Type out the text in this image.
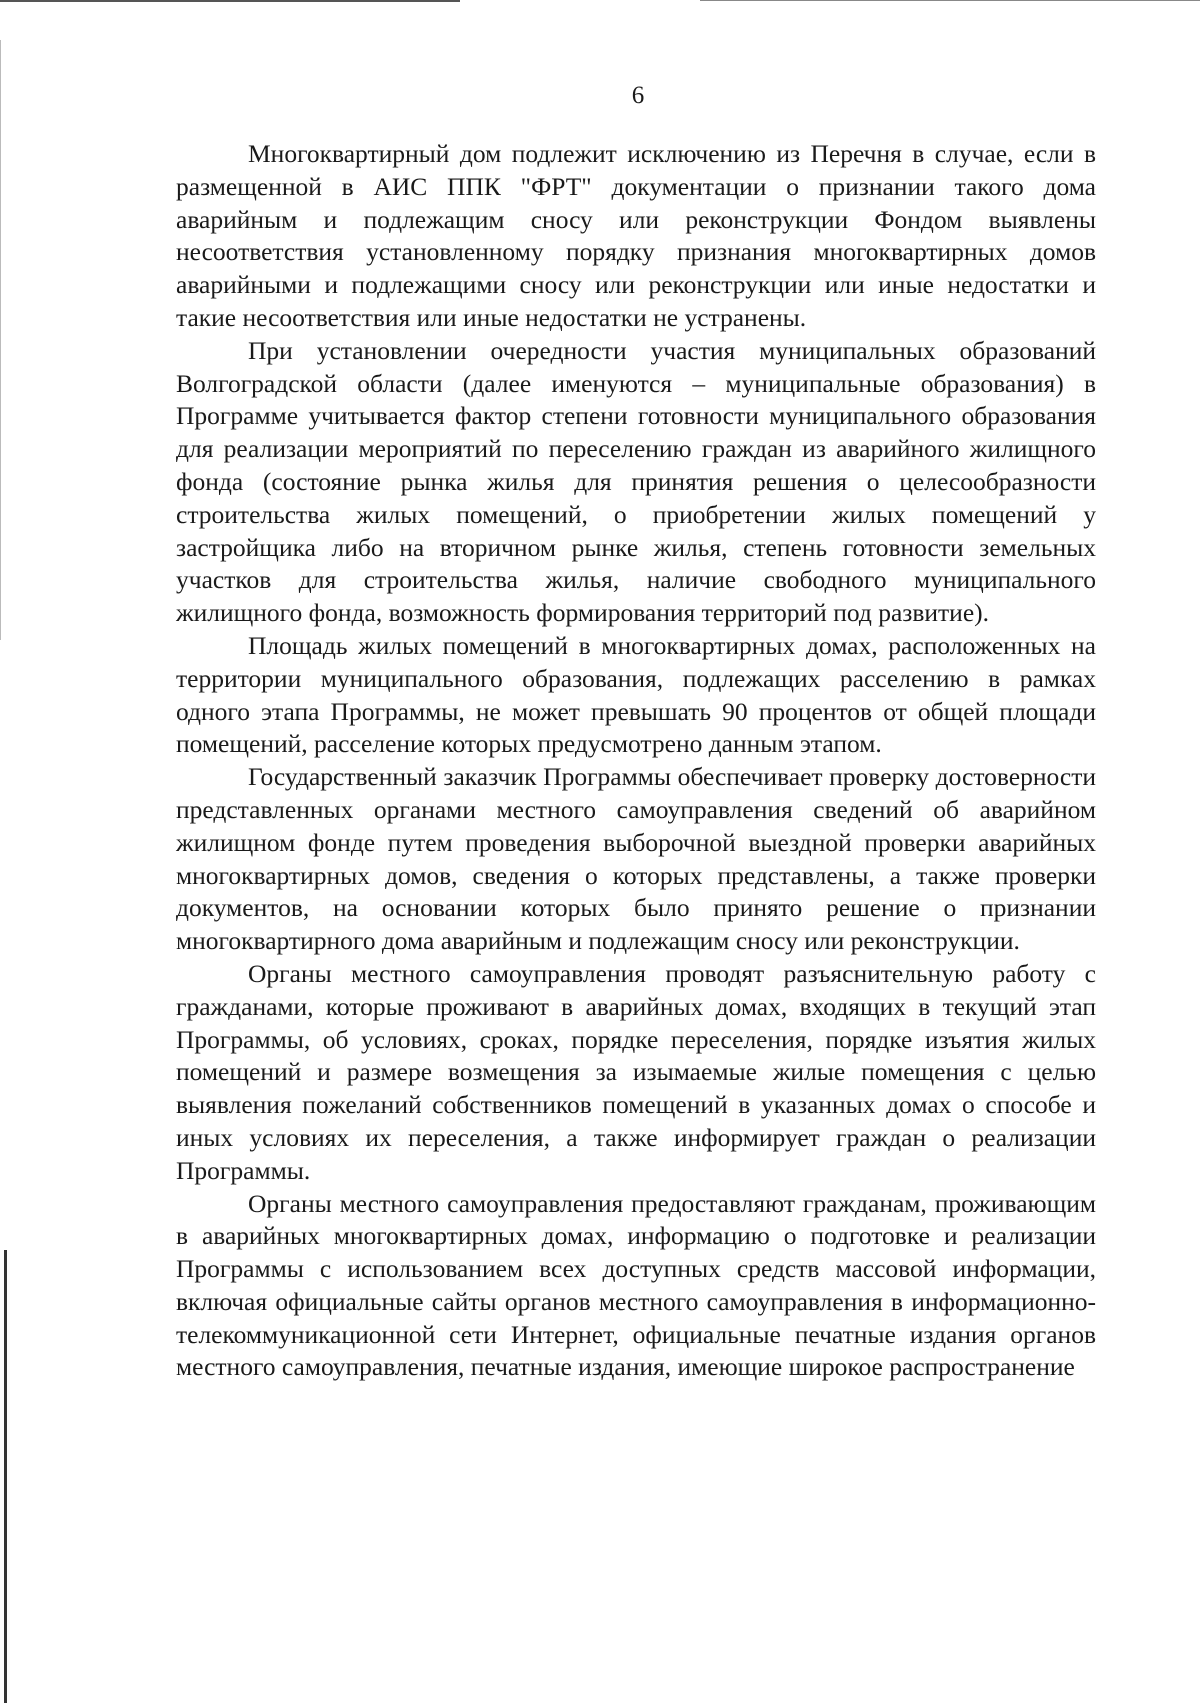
6

Многоквартирный дом подлежит исключению из Перечня в случае, если в размещенной в АИС ППК "ФРТ" документации о признании такого дома аварийным и подлежащим сносу или реконструкции Фондом выявлены несоответствия установленному порядку признания многоквартирных домов аварийными и подлежащими сносу или реконструкции или иные недостатки и такие несоответствия или иные недостатки не устранены.

При установлении очередности участия муниципальных образований Волгоградской области (далее именуются – муниципальные образования) в Программе учитывается фактор степени готовности муниципального образования для реализации мероприятий по переселению граждан из аварийного жилищного фонда (состояние рынка жилья для принятия решения о целесообразности строительства жилых помещений, о приобретении жилых помещений у застройщика либо на вторичном рынке жилья, степень готовности земельных участков для строительства жилья, наличие свободного муниципального жилищного фонда, возможность формирования территорий под развитие).

Площадь жилых помещений в многоквартирных домах, расположенных на территории муниципального образования, подлежащих расселению в рамках одного этапа Программы, не может превышать 90 процентов от общей площади помещений, расселение которых предусмотрено данным этапом.

Государственный заказчик Программы обеспечивает проверку достоверности представленных органами местного самоуправления сведений об аварийном жилищном фонде путем проведения выборочной выездной проверки аварийных многоквартирных домов, сведения о которых представлены, а также проверки документов, на основании которых было принято решение о признании многоквартирного дома аварийным и подлежащим сносу или реконструкции.

Органы местного самоуправления проводят разъяснительную работу с гражданами, которые проживают в аварийных домах, входящих в текущий этап Программы, об условиях, сроках, порядке переселения, порядке изъятия жилых помещений и размере возмещения за изымаемые жилые помещения с целью выявления пожеланий собственников помещений в указанных домах о способе и иных условиях их переселения, а также информирует граждан о реализации Программы.

Органы местного самоуправления предоставляют гражданам, проживающим в аварийных многоквартирных домах, информацию о подготовке и реализации Программы с использованием всех доступных средств массовой информации, включая официальные сайты органов местного самоуправления в информационно-телекоммуникационной сети Интернет, официальные печатные издания органов местного самоуправления, печатные издания, имеющие широкое распространение
